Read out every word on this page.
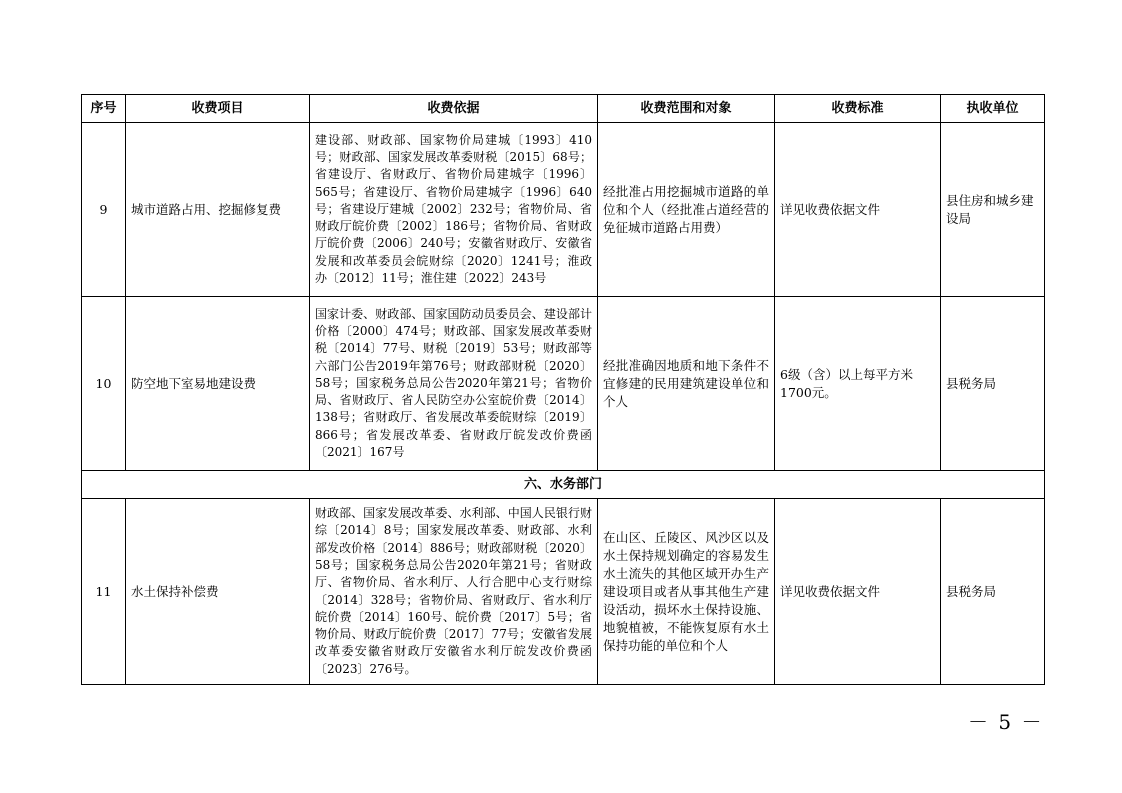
序号	收费项目	收费依据	收费范围和对象	收费标准	执收单位
9	城市道路占用、挖掘修复费	建设部、财政部、国家物价局建城〔1993〕410号；财政部、国家发展改革委财税〔2015〕68号；省建设厅、省财政厅、省物价局建城字〔1996〕565号；省建设厅、省物价局建城字〔1996〕640号；省建设厅建城〔2002〕232号；省物价局、省财政厅皖价费〔2002〕186号；省物价局、省财政厅皖价费〔2006〕240号；安徽省财政厅、安徽省发展和改革委员会皖财综〔2020〕1241号；淮政办〔2012〕11号；淮住建〔2022〕243号	经批准占用挖掘城市道路的单位和个人（经批准占道经营的免征城市道路占用费）	详见收费依据文件	县住房和城乡建设局
10	防空地下室易地建设费	国家计委、财政部、国家国防动员委员会、建设部计价格〔2000〕474号；财政部、国家发展改革委财税〔2014〕77号、财税〔2019〕53号；财政部等六部门公告2019年第76号；财政部财税〔2020〕58号；国家税务总局公告2020年第21号；省物价局、省财政厅、省人民防空办公室皖价费〔2014〕138号；省财政厅、省发展改革委皖财综〔2019〕866号；省发展改革委、省财政厅皖发改价费函〔2021〕167号	经批准确因地质和地下条件不宜修建的民用建筑建设单位和个人	6级（含）以上每平方米1700元。	县税务局
六、水务部门					
11	水土保持补偿费	财政部、国家发展改革委、水利部、中国人民银行财综〔2014〕8号；国家发展改革委、财政部、水利部发改价格〔2014〕886号；财政部财税〔2020〕58号；国家税务总局公告2020年第21号；省财政厅、省物价局、省水利厅、人行合肥中心支行财综〔2014〕328号；省物价局、省财政厅、省水利厅皖价费〔2014〕160号、皖价费〔2017〕5号；省物价局、财政厅皖价费〔2017〕77号；安徽省发展改革委安徽省财政厅安徽省水利厅皖发改价费函〔2023〕276号。	在山区、丘陵区、风沙区以及水土保持规划确定的容易发生水土流失的其他区域开办生产建设项目或者从事其他生产建设活动，损坏水土保持设施、地貌植被，不能恢复原有水土保持功能的单位和个人	详见收费依据文件	县税务局
－ 5 －
